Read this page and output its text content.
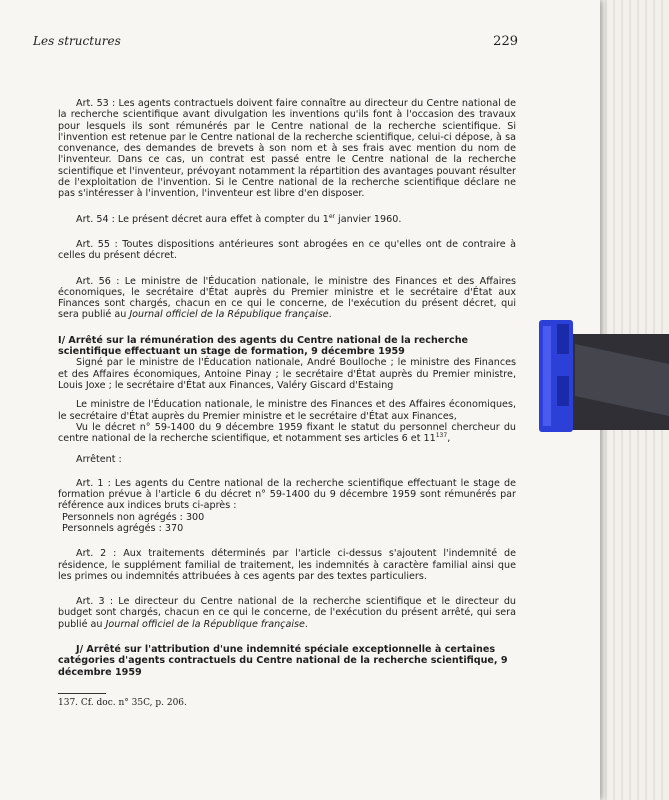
Les structures	229

Art. 53 : Les agents contractuels doivent faire connaître au directeur du Centre national de la recherche scientifique avant divulgation les inventions qu'ils font à l'occasion des travaux pour lesquels ils sont rémunérés par le Centre national de la recherche scientifique. Si l'invention est retenue par le Centre national de la recherche scientifique, celui-ci dépose, à sa convenance, des demandes de brevets à son nom et à ses frais avec mention du nom de l'inventeur. Dans ce cas, un contrat est passé entre le Centre national de la recherche scientifique et l'inventeur, prévoyant notamment la répartition des avantages pouvant résulter de l'exploitation de l'invention. Si le Centre national de la recherche scientifique déclare ne pas s'intéresser à l'invention, l'inventeur est libre d'en disposer.

Art. 54 : Le présent décret aura effet à compter du 1er janvier 1960.

Art. 55 : Toutes dispositions antérieures sont abrogées en ce qu'elles ont de contraire à celles du présent décret.

Art. 56 : Le ministre de l'Éducation nationale, le ministre des Finances et des Affaires économiques, le secrétaire d'État auprès du Premier ministre et le secrétaire d'État aux Finances sont chargés, chacun en ce qui le concerne, de l'exécution du présent décret, qui sera publié au Journal officiel de la République française.

I/ Arrêté sur la rémunération des agents du Centre national de la recherche scientifique effectuant un stage de formation, 9 décembre 1959

Signé par le ministre de l'Éducation nationale, André Boulloche ; le ministre des Finances et des Affaires économiques, Antoine Pinay ; le secrétaire d'État auprès du Premier ministre, Louis Joxe ; le secrétaire d'État aux Finances, Valéry Giscard d'Estaing

Le ministre de l'Éducation nationale, le ministre des Finances et des Affaires économiques, le secrétaire d'État auprès du Premier ministre et le secrétaire d'État aux Finances,

Vu le décret n° 59-1400 du 9 décembre 1959 fixant le statut du personnel chercheur du centre national de la recherche scientifique, et notamment ses articles 6 et $11^{137}$,

Arrêtent :

Art. 1 : Les agents du Centre national de la recherche scientifique effectuant le stage de formation prévue à l'article 6 du décret n° 59-1400 du 9 décembre 1959 sont rémunérés par référence aux indices bruts ci-après :

Personnels non agrégés : 300

Personnels agrégés : 370

Art. 2 : Aux traitements déterminés par l'article ci-dessus s'ajoutent l'indemnité de résidence, le supplément familial de traitement, les indemnités à caractère familial ainsi que les primes ou indemnités attribuées à ces agents par des textes particuliers.

Art. 3 : Le directeur du Centre national de la recherche scientifique et le directeur du budget sont chargés, chacun en ce qui le concerne, de l'exécution du présent arrêté, qui sera publié au Journal officiel de la République française.

J/ Arrêté sur l'attribution d'une indemnité spéciale exceptionnelle à certaines catégories d'agents contractuels du Centre national de la recherche scientifique, 9 décembre 1959

137. Cf. doc. n° 35C, p. 206.
